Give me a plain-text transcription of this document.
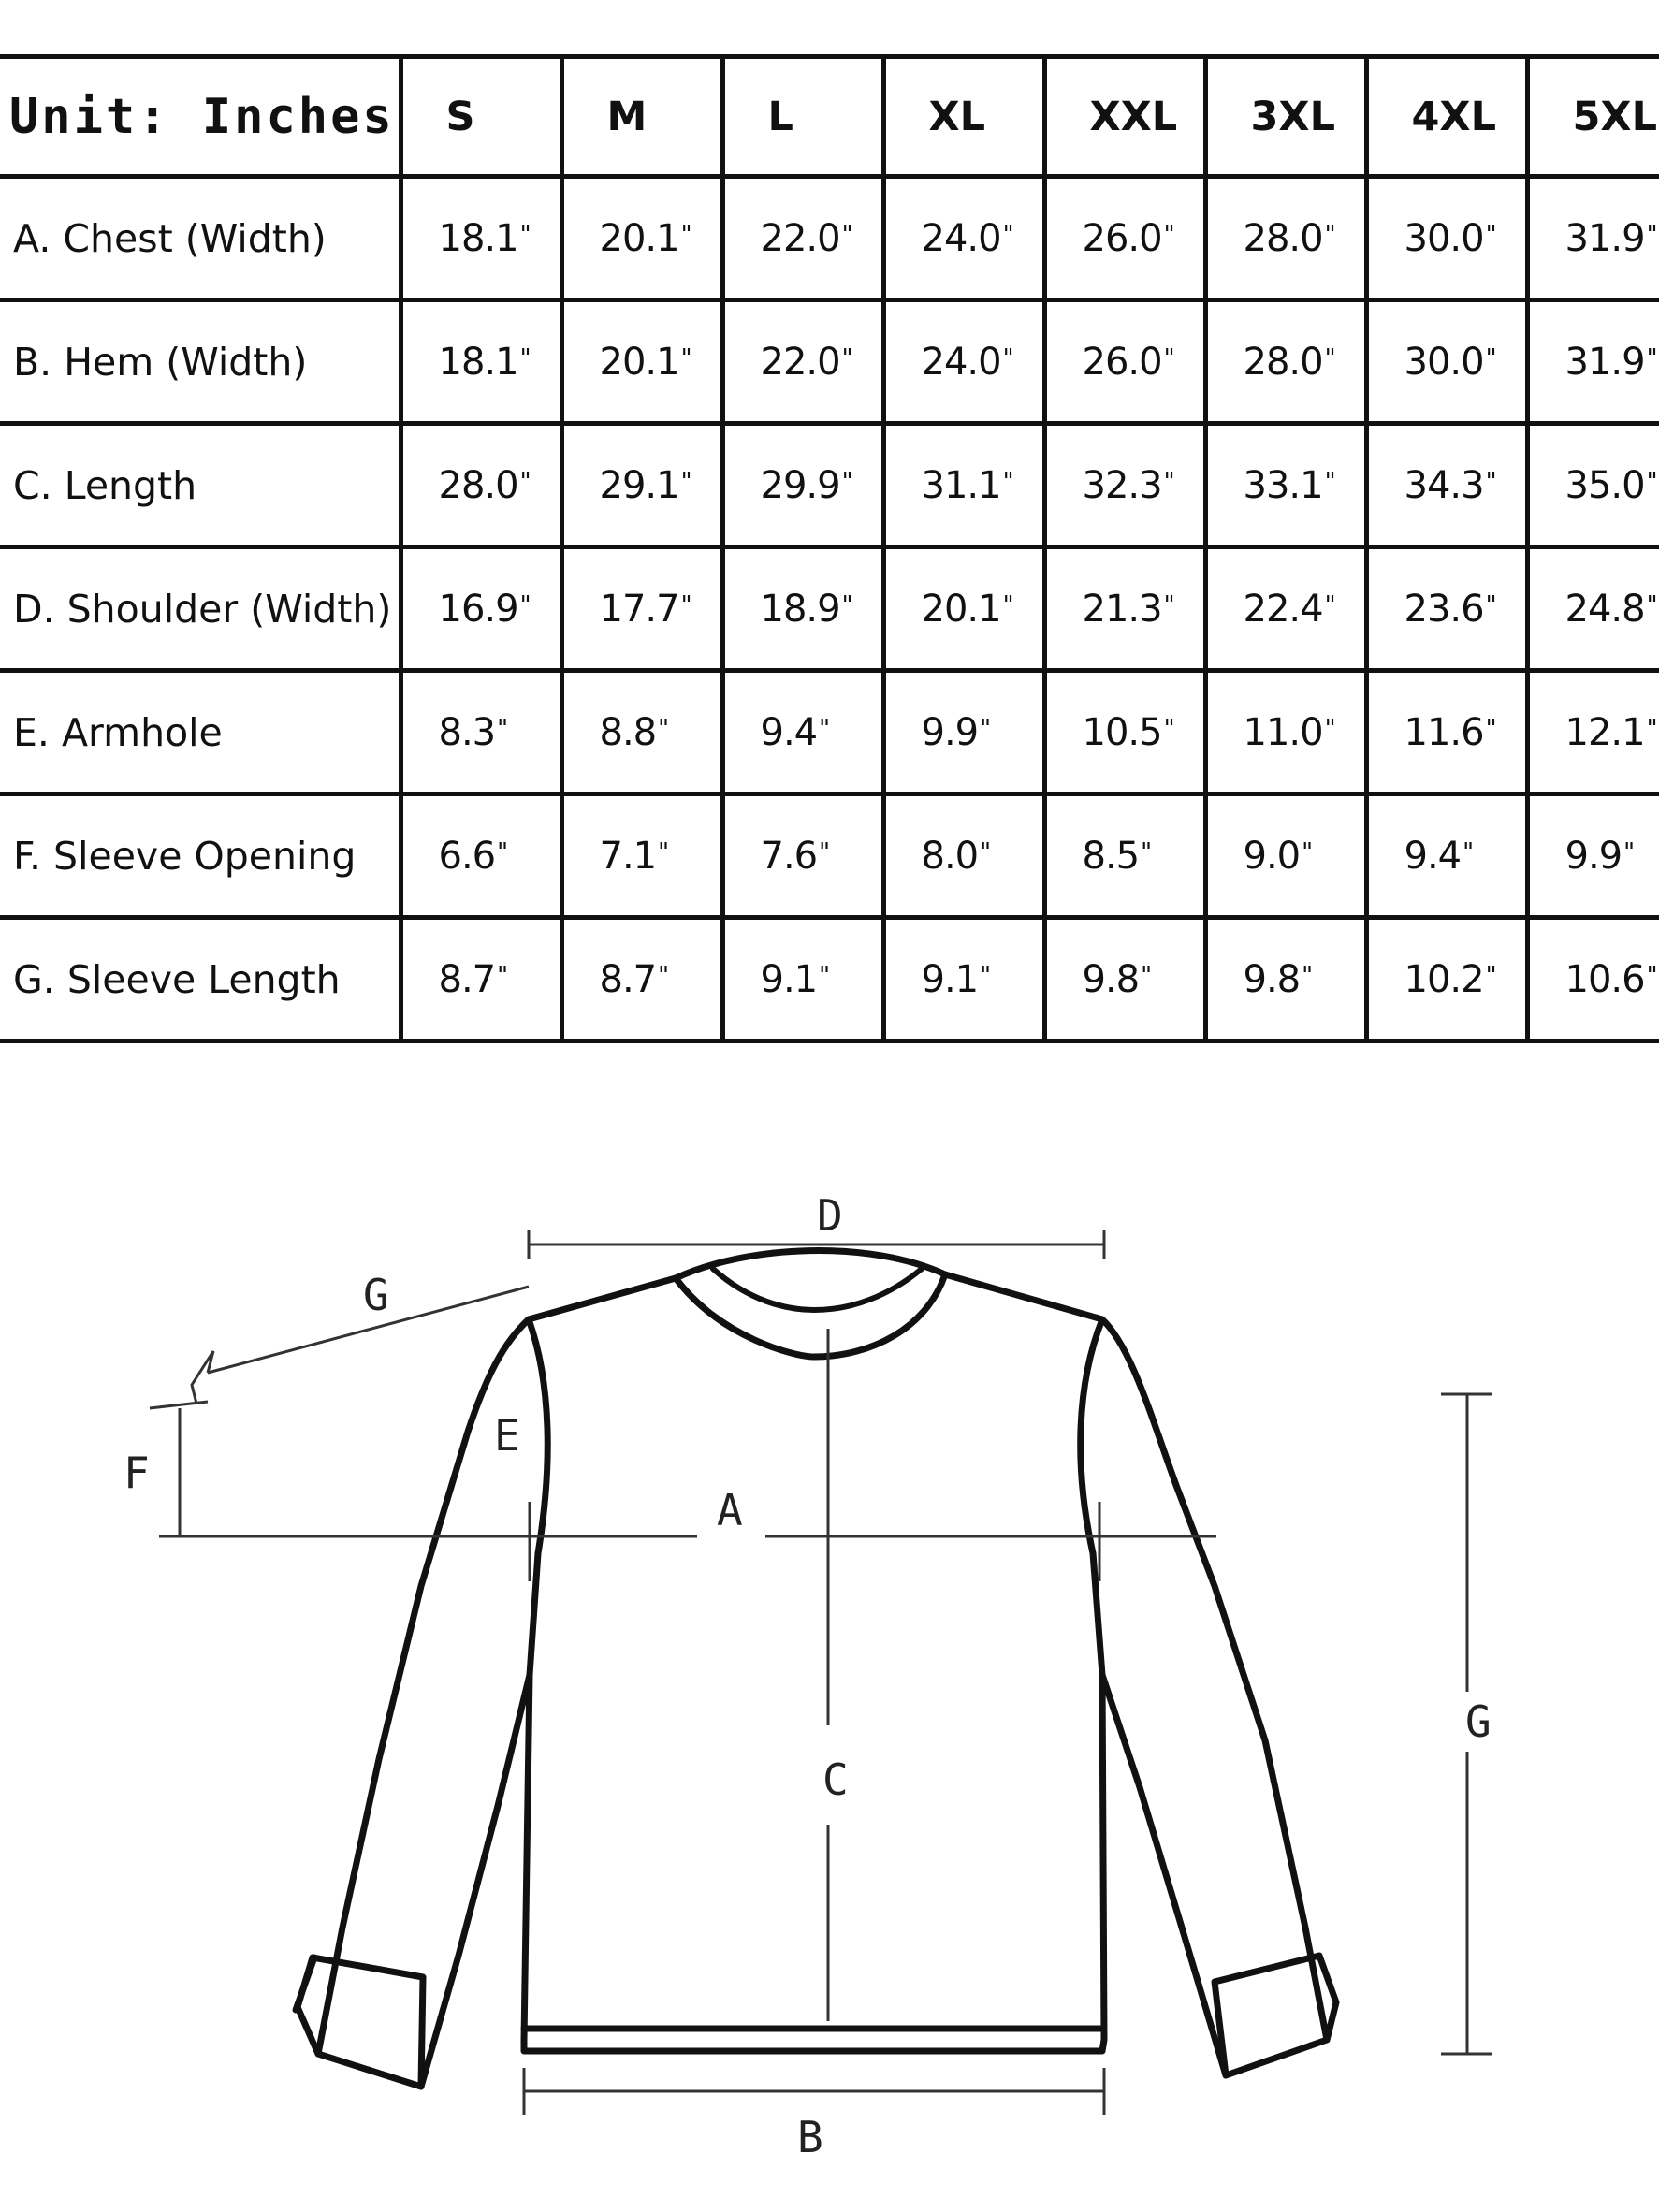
Unit: Inches	S	M	L	XL	XXL	3XL	4XL	5XL
A. Chest (Width)	18.1"	20.1"	22.0"	24.0"	26.0"	28.0"	30.0"	31.9"
B. Hem (Width)	18.1"	20.1"	22.0"	24.0"	26.0"	28.0"	30.0"	31.9"
C. Length	28.0"	29.1"	29.9"	31.1"	32.3"	33.1"	34.3"	35.0"
D. Shoulder (Width)	16.9"	17.7"	18.9"	20.1"	21.3"	22.4"	23.6"	24.8"
E. Armhole	8.3"	8.8"	9.4"	9.9"	10.5"	11.0"	11.6"	12.1"
F. Sleeve Opening	6.6"	7.1"	7.6"	8.0"	8.5"	9.0"	9.4"	9.9"
G. Sleeve Length	8.7"	8.7"	9.1"	9.1"	9.8"	9.8"	10.2"	10.6"
D
G
E
F
A
C
G
B
